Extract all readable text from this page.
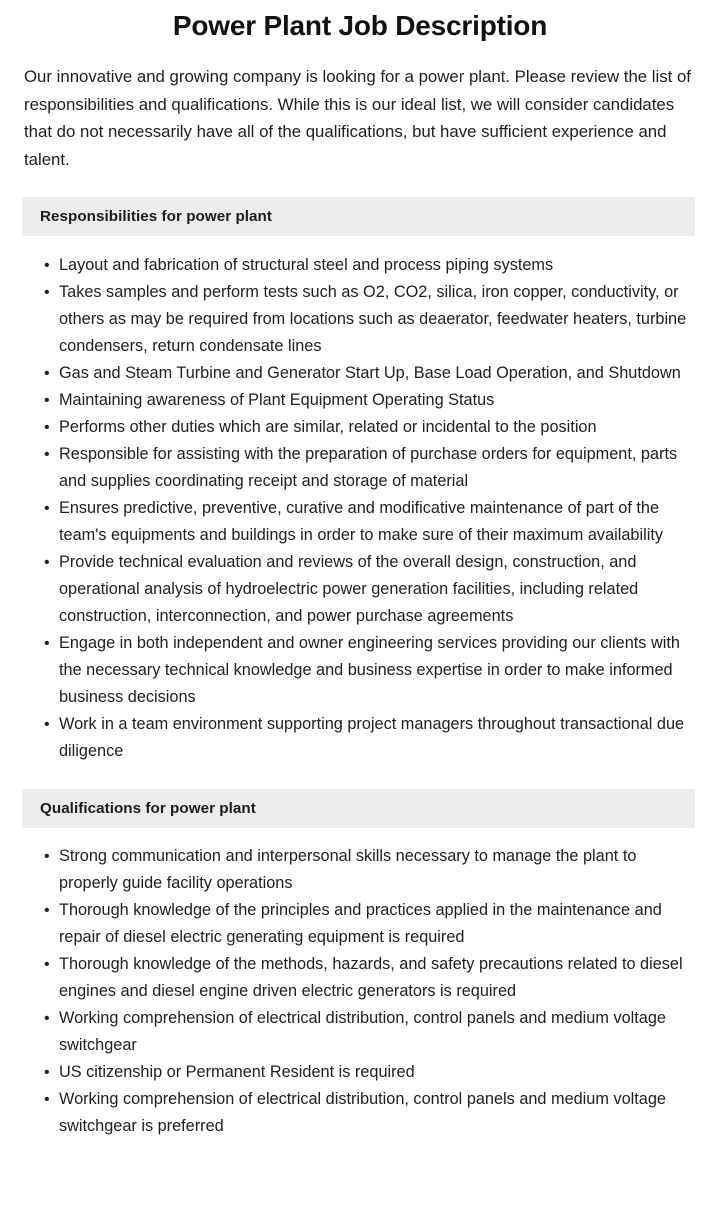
Power Plant Job Description

Our innovative and growing company is looking for a power plant. Please review the list of responsibilities and qualifications. While this is our ideal list, we will consider candidates that do not necessarily have all of the qualifications, but have sufficient experience and talent.

Responsibilities for power plant
• Layout and fabrication of structural steel and process piping systems
• Takes samples and perform tests such as O2, CO2, silica, iron copper, conductivity, or others as may be required from locations such as deaerator, feedwater heaters, turbine condensers, return condensate lines
• Gas and Steam Turbine and Generator Start Up, Base Load Operation, and Shutdown
• Maintaining awareness of Plant Equipment Operating Status
• Performs other duties which are similar, related or incidental to the position
• Responsible for assisting with the preparation of purchase orders for equipment, parts and supplies coordinating receipt and storage of material
• Ensures predictive, preventive, curative and modificative maintenance of part of the team's equipments and buildings in order to make sure of their maximum availability
• Provide technical evaluation and reviews of the overall design, construction, and operational analysis of hydroelectric power generation facilities, including related construction, interconnection, and power purchase agreements
• Engage in both independent and owner engineering services providing our clients with the necessary technical knowledge and business expertise in order to make informed business decisions
• Work in a team environment supporting project managers throughout transactional due diligence
Qualifications for power plant
• Strong communication and interpersonal skills necessary to manage the plant to properly guide facility operations
• Thorough knowledge of the principles and practices applied in the maintenance and repair of diesel electric generating equipment is required
• Thorough knowledge of the methods, hazards, and safety precautions related to diesel engines and diesel engine driven electric generators is required
• Working comprehension of electrical distribution, control panels and medium voltage switchgear
• US citizenship or Permanent Resident is required
• Working comprehension of electrical distribution, control panels and medium voltage switchgear is preferred
